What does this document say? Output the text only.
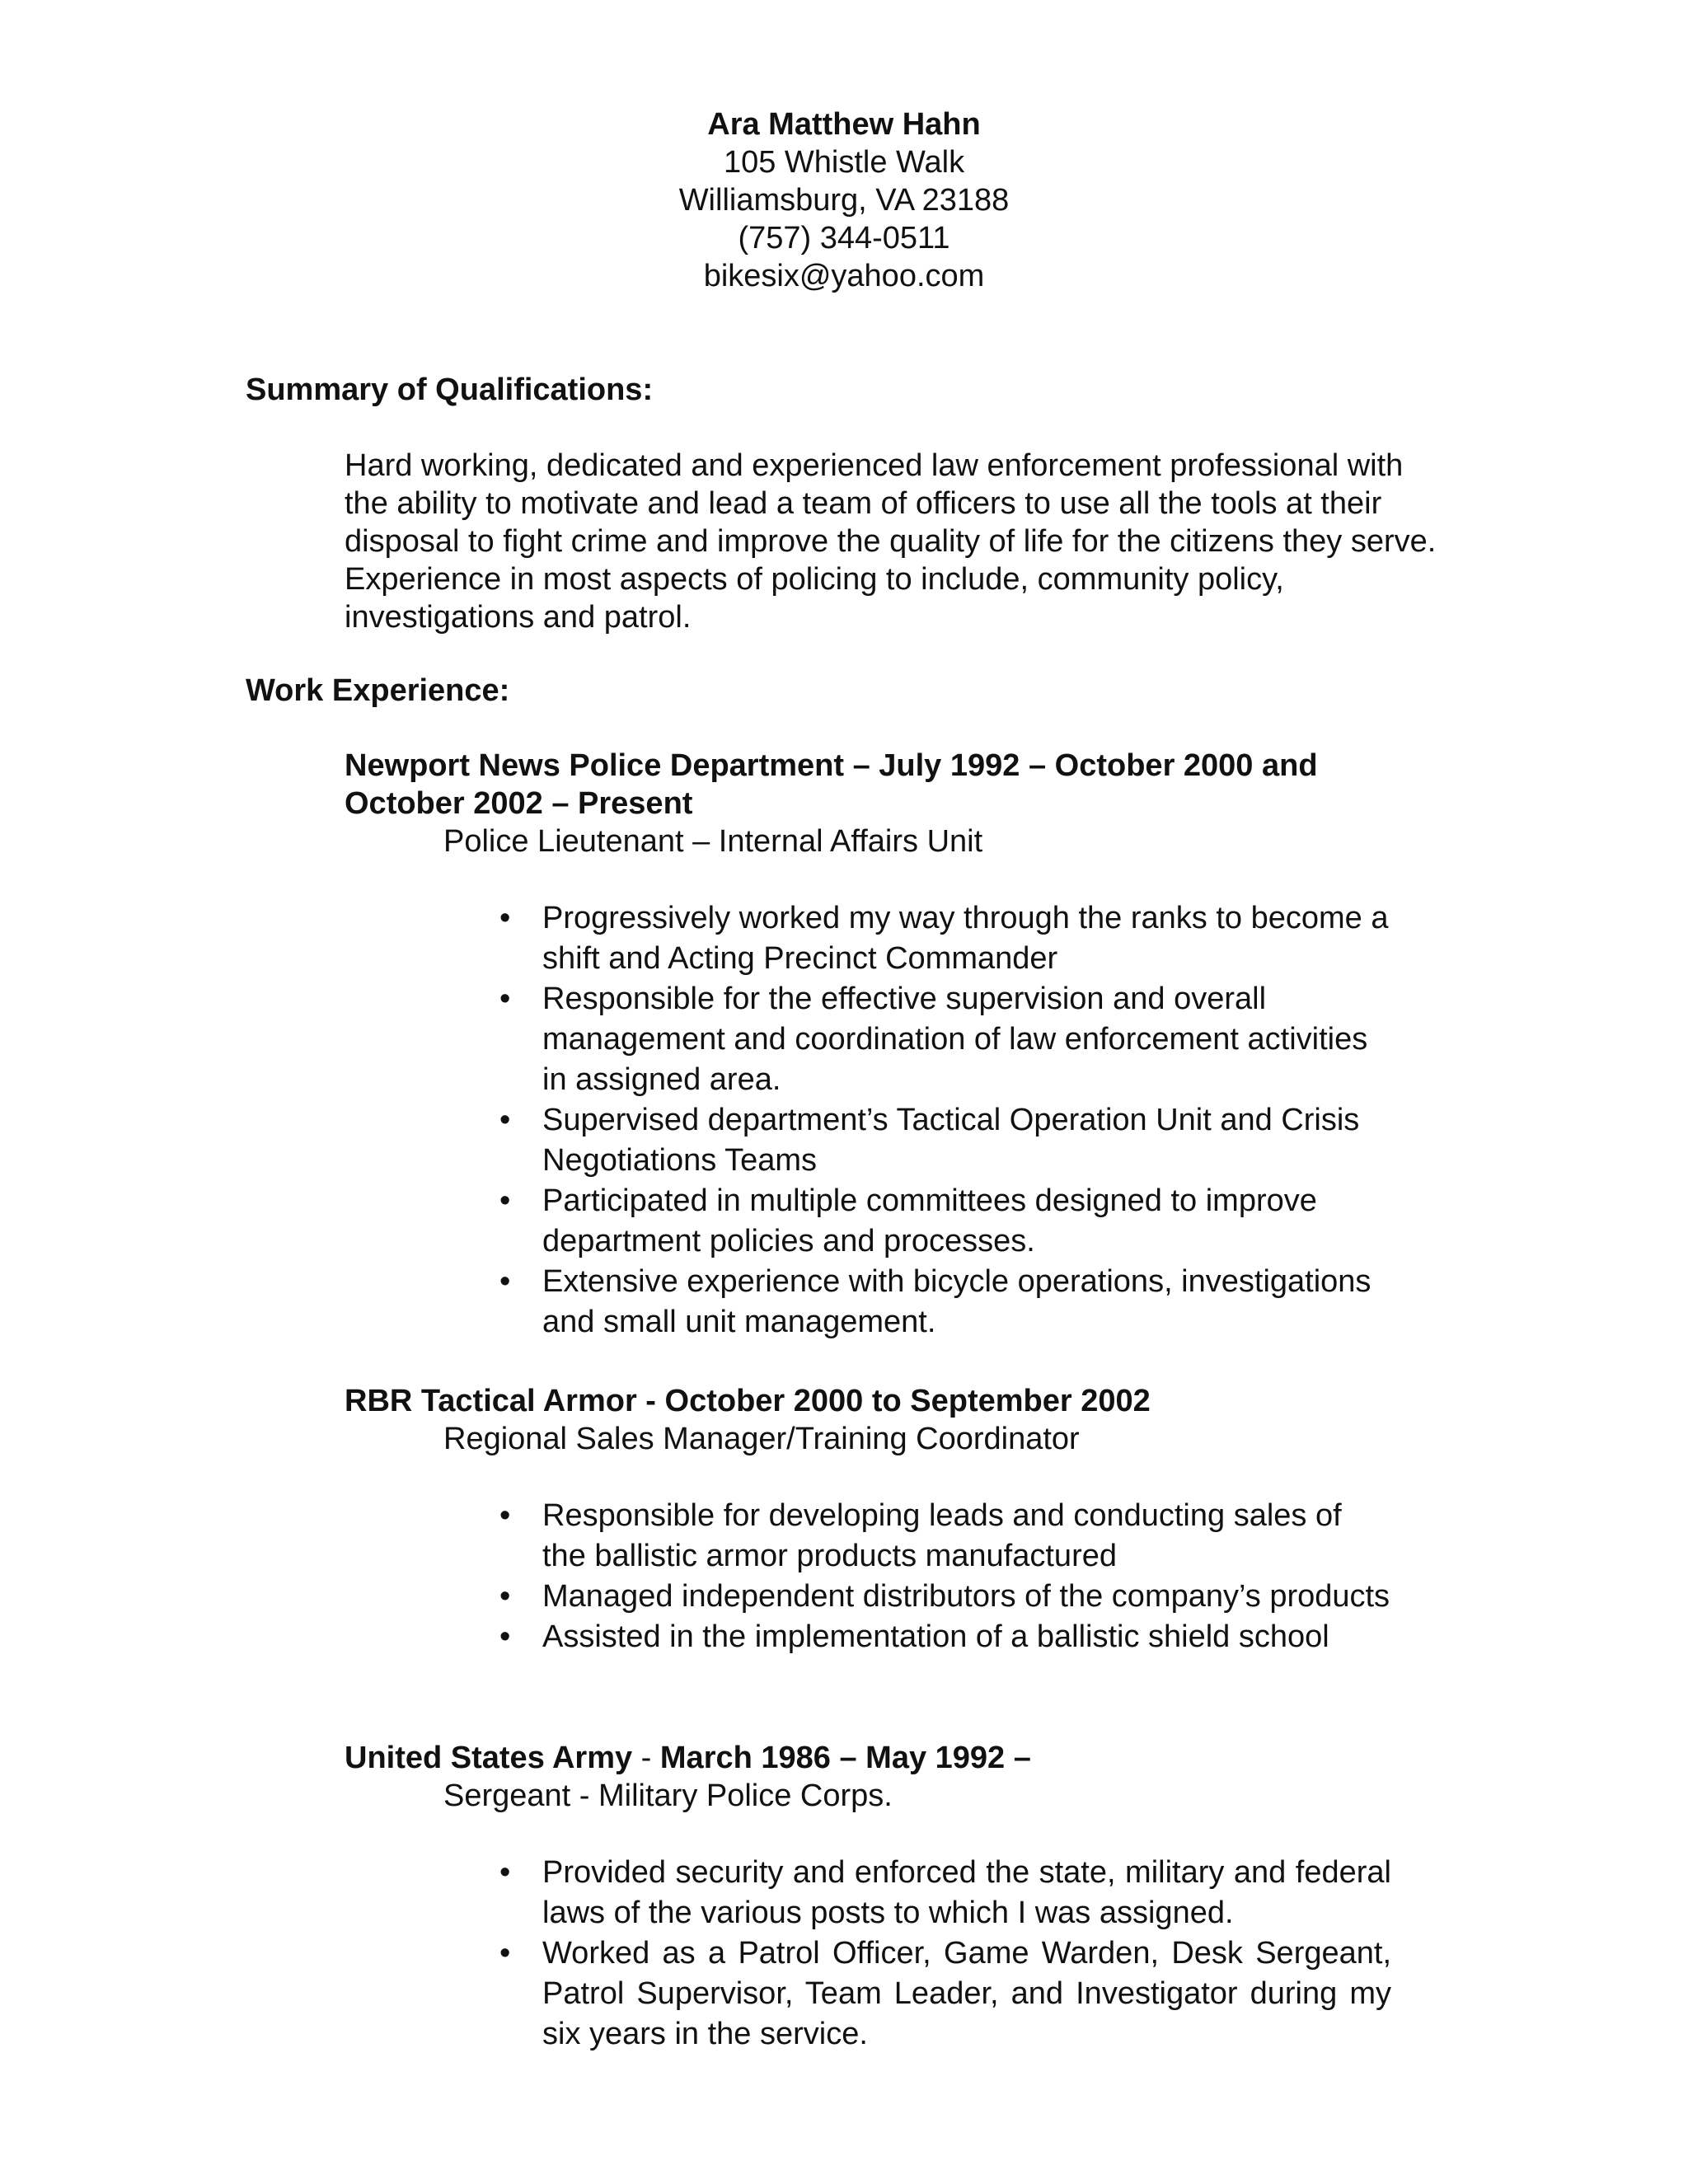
Ara Matthew Hahn
105 Whistle Walk
Williamsburg, VA 23188
(757) 344-0511
bikesix@yahoo.com
Summary of Qualifications:

Hard working, dedicated and experienced law enforcement professional with the ability to motivate and lead a team of officers to use all the tools at their disposal to fight crime and improve the quality of life for the citizens they serve. Experience in most aspects of policing to include, community policy, investigations and patrol.

Work Experience:

Newport News Police Department – July 1992 – October 2000 and October 2002 – Present

Police Lieutenant – Internal Affairs Unit

• Progressively worked my way through the ranks to become a shift and Acting Precinct Commander
• Responsible for the effective supervision and overall management and coordination of law enforcement activities in assigned area.
• Supervised department’s Tactical Operation Unit and Crisis Negotiations Teams
• Participated in multiple committees designed to improve department policies and processes.
• Extensive experience with bicycle operations, investigations and small unit management.

RBR Tactical Armor - October 2000 to September 2002

Regional Sales Manager/Training Coordinator

• Responsible for developing leads and conducting sales of the ballistic armor products manufactured
• Managed independent distributors of the company’s products
• Assisted in the implementation of a ballistic shield school

United States Army - March 1986 – May 1992 –

Sergeant - Military Police Corps.

• Provided security and enforced the state, military and federal laws of the various posts to which I was assigned.
• Worked as a Patrol Officer, Game Warden, Desk Sergeant, Patrol Supervisor, Team Leader, and Investigator during my six years in the service.
